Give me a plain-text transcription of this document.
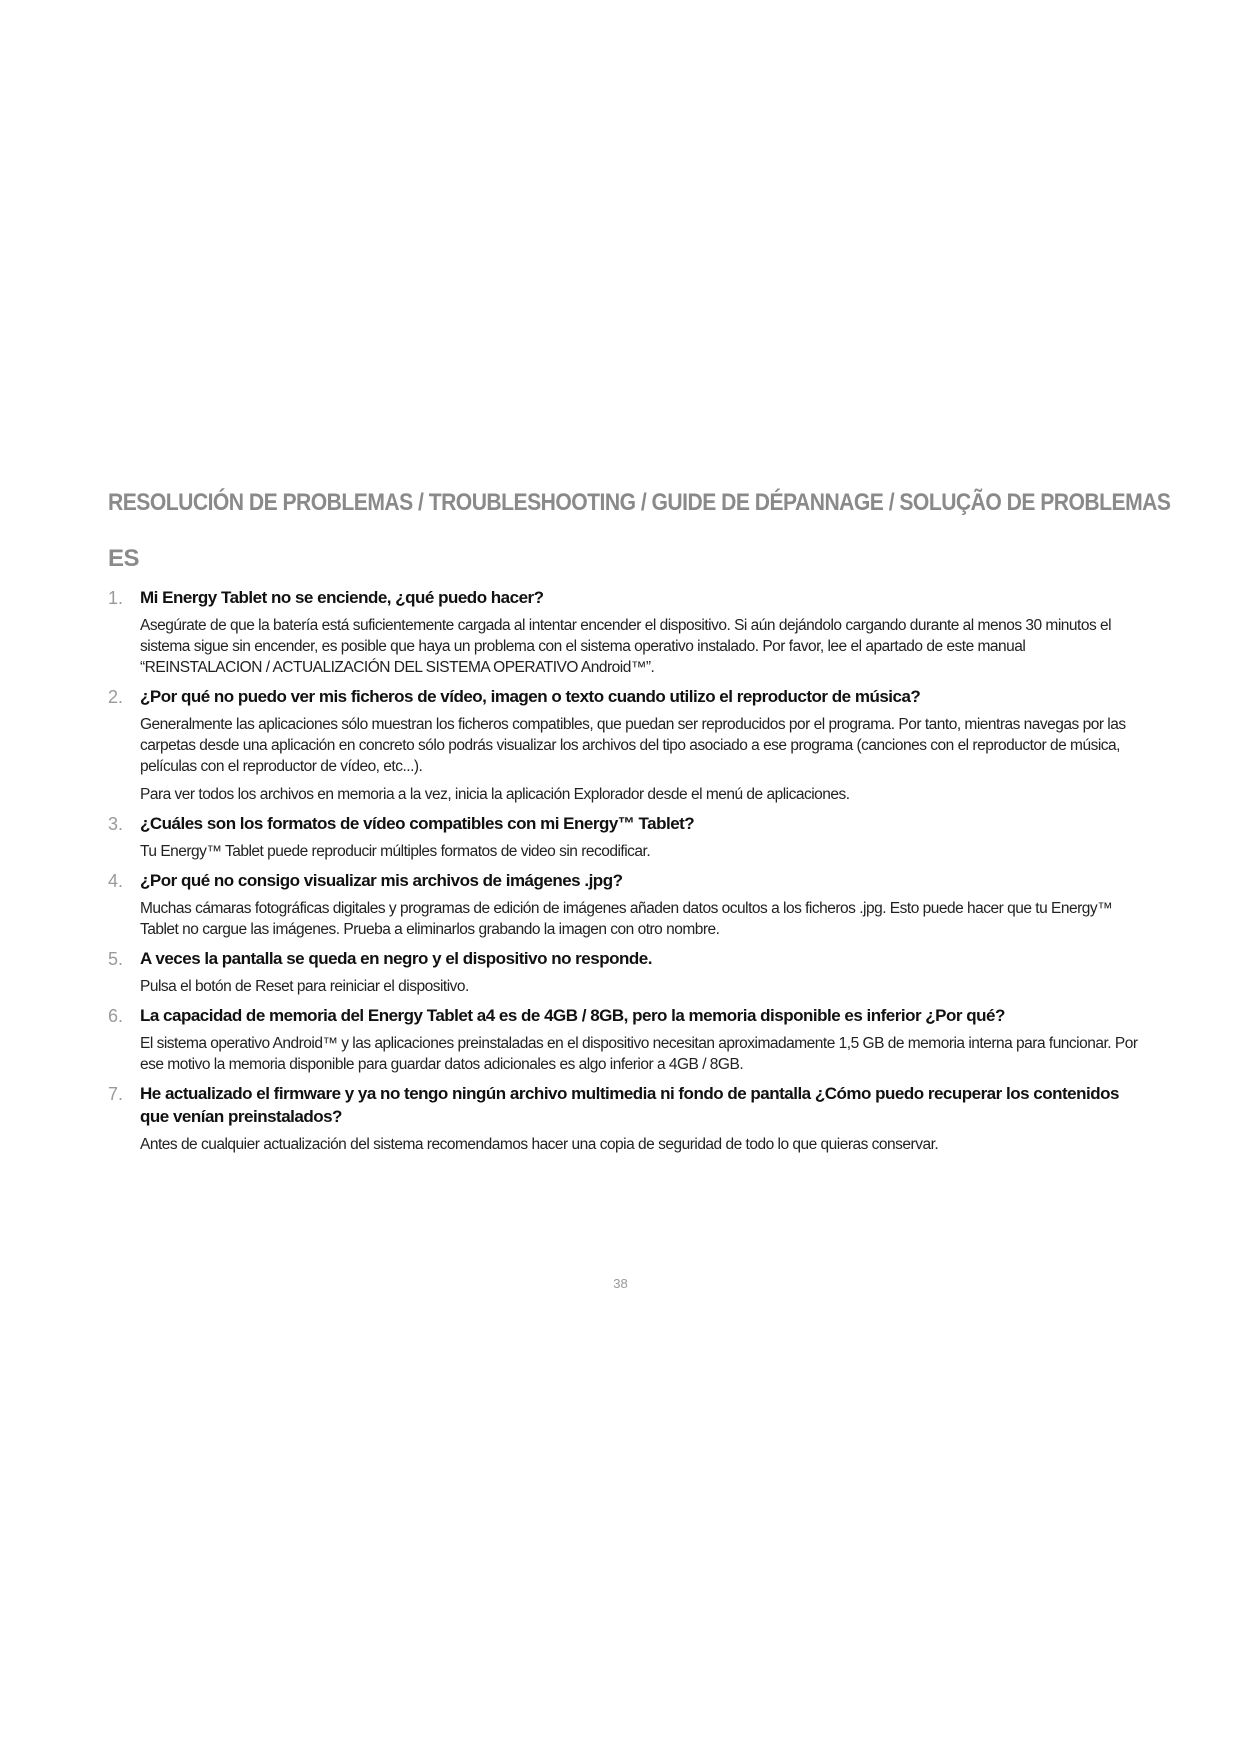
RESOLUCIÓN DE PROBLEMAS / TROUBLESHOOTING / GUIDE DE DÉPANNAGE / SOLUÇÃO DE PROBLEMAS
ES
1. Mi Energy Tablet no se enciende, ¿qué puedo hacer?

Asegúrate de que la batería está suficientemente cargada al intentar encender el dispositivo. Si aún dejándolo cargando durante al menos 30 minutos el sistema sigue sin encender, es posible que haya un problema con el sistema operativo instalado. Por favor, lee el apartado de este manual “REINSTALACION / ACTUALIZACIÓN DEL SISTEMA OPERATIVO Android™”.

2. ¿Por qué no puedo ver mis ficheros de vídeo, imagen o texto cuando utilizo el reproductor de música?

Generalmente las aplicaciones sólo muestran los ficheros compatibles, que puedan ser reproducidos por el programa. Por tanto, mientras navegas por las carpetas desde una aplicación en concreto sólo podrás visualizar los archivos del tipo asociado a ese programa (canciones con el reproductor de música, películas con el reproductor de vídeo, etc...).

Para ver todos los archivos en memoria a la vez, inicia la aplicación Explorador desde el menú de aplicaciones.

3. ¿Cuáles son los formatos de vídeo compatibles con mi Energy™ Tablet?

Tu Energy™ Tablet puede reproducir múltiples formatos de video sin recodificar.

4. ¿Por qué no consigo visualizar mis archivos de imágenes .jpg?

Muchas cámaras fotográficas digitales y programas de edición de imágenes añaden datos ocultos a los ficheros .jpg. Esto puede hacer que tu Energy™ Tablet no cargue las imágenes. Prueba a eliminarlos grabando la imagen con otro nombre.

5. A veces la pantalla se queda en negro y el dispositivo no responde.

Pulsa el botón de Reset para reiniciar el dispositivo.

6. La capacidad de memoria del Energy Tablet a4 es de 4GB / 8GB, pero la memoria disponible es inferior ¿Por qué?

El sistema operativo Android™ y las aplicaciones preinstaladas en el dispositivo necesitan aproximadamente 1,5 GB de memoria interna para funcionar. Por ese motivo la memoria disponible para guardar datos adicionales es algo inferior a 4GB / 8GB.

7. He actualizado el firmware y ya no tengo ningún archivo multimedia ni fondo de pantalla ¿Cómo puedo recuperar los contenidos que venían preinstalados?

Antes de cualquier actualización del sistema recomendamos hacer una copia de seguridad de todo lo que quieras conservar.

38
